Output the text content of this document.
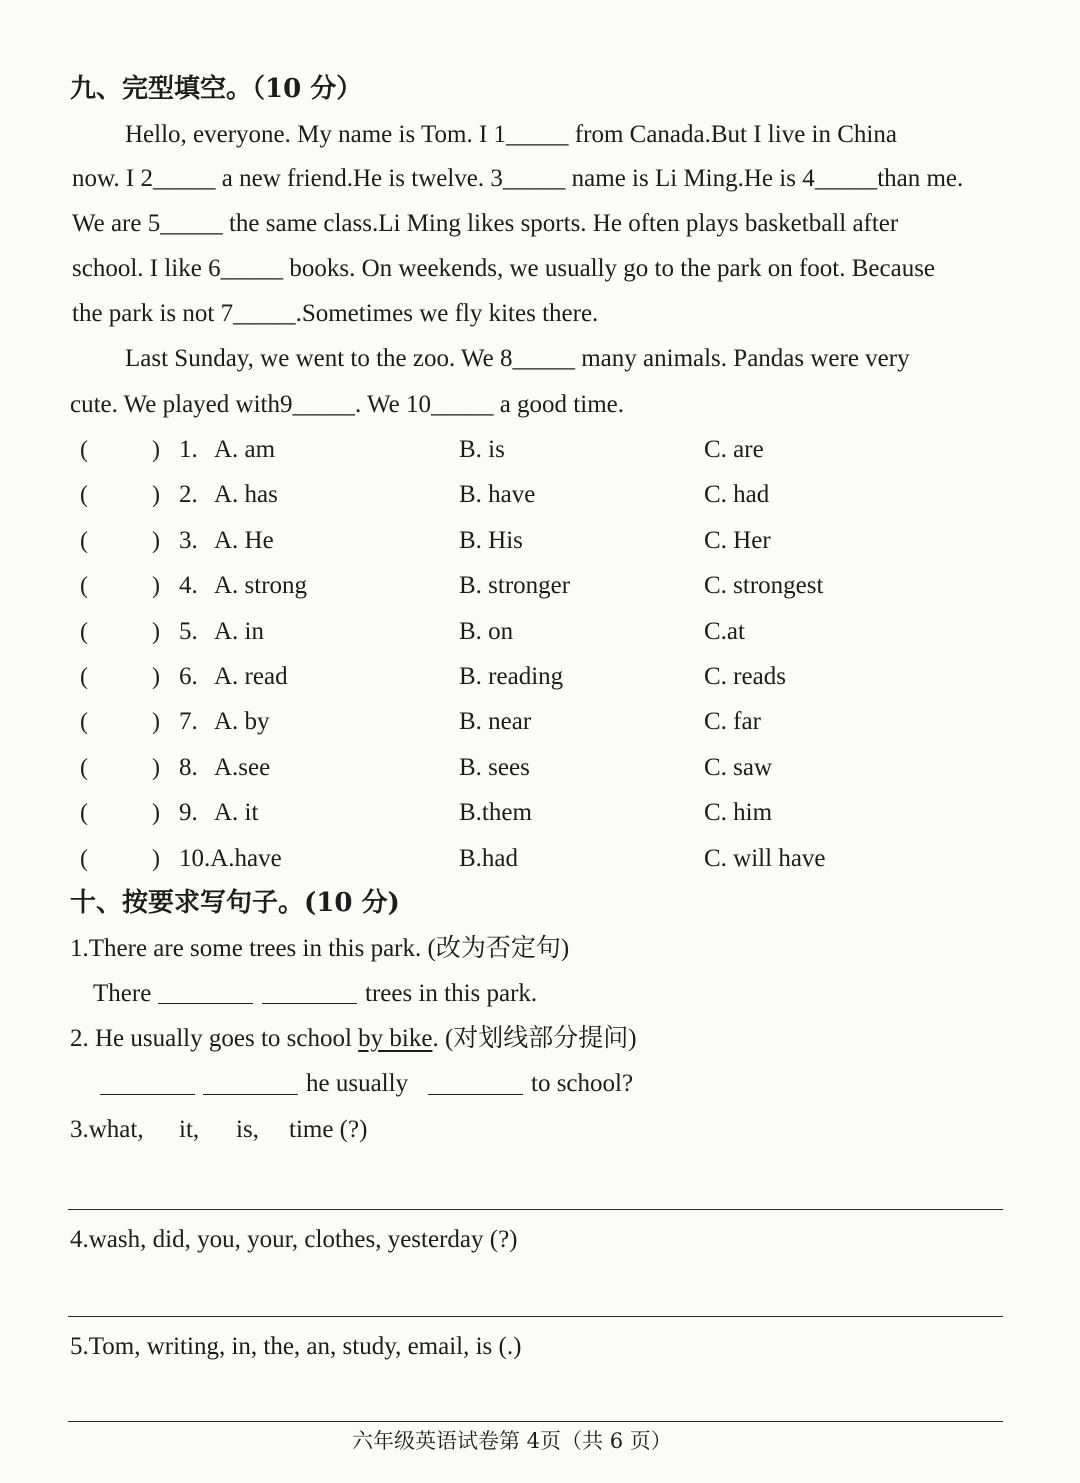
九、完型填空。（10 分）
Hello, everyone. My name is Tom. I 1_____ from Canada.But I live in China
now. I 2_____ a new friend.He is twelve. 3_____ name is Li Ming.He is 4_____than me.
We are 5_____ the same class.Li Ming likes sports. He often plays basketball after
school. I like 6_____ books. On weekends, we usually go to the park on foot. Because
the park is not 7_____.Sometimes we fly kites there.
Last Sunday, we went to the zoo. We 8_____ many animals. Pandas were very
cute. We played with9_____. We 10_____ a good time.
(	) 1. A. am	B. is	C. are
(	) 2. A. has	B. have	C. had
(	) 3. A. He	B. His	C. Her
(	) 4. A. strong	B. stronger	C. strongest
(	) 5. A. in	B. on	C.at
(	) 6. A. read	B. reading	C. reads
(	) 7. A. by	B. near	C. far
(	) 8. A.see	B. sees	C. saw
(	) 9. A. it	B.them	C. him
(	) 10.A.have	B.had	C. will have
十、按要求写句子。(10 分)
1.There are some trees in this park. (改为否定句)
There	trees in this park.
2. He usually goes to school by bike. (对划线部分提问)
he usually	to school?
3.what, it, is, time (?)
4.wash, did, you, your, clothes, yesterday (?)
5.Tom, writing, in, the, an, study, email, is (.)
六年级英语试卷第 4页（共 6 页）
